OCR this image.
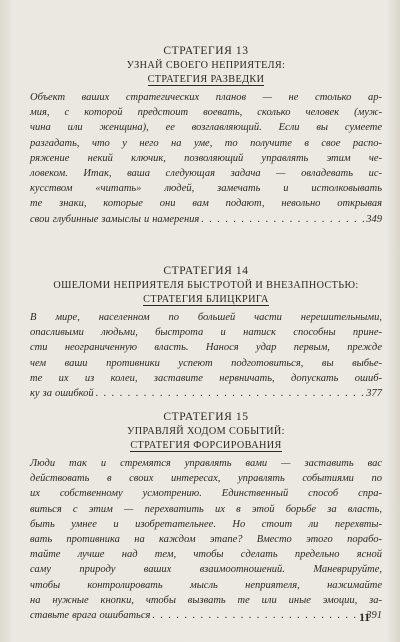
СТРАТЕГИЯ 13

УЗНАЙ СВОЕГО НЕПРИЯТЕЛЯ:

СТРАТЕГИЯ РАЗВЕДКИ

Объект ваших стратегических планов — не столько ар-
мия, с которой предстоит воевать, сколько человек (муж-
чина или женщина), ее возглавляющий. Если вы сумеете
разгадать, что у него на уме, то получите в свое распо-
ряжение некий ключик, позволяющий управлять этим че-
ловеком. Итак, ваша следующая задача — овладевать ис-
кусством «читать» людей, замечать и истолковывать
те знаки, которые они вам подают, невольно открывая
свои глубинные замыслы и намерения . . .	349

СТРАТЕГИЯ 14

ОШЕЛОМИ НЕПРИЯТЕЛЯ БЫСТРОТОЙ И ВНЕЗАПНОСТЬЮ:

СТРАТЕГИЯ БЛИЦКРИГА

В мире, населенном по большей части нерешительными,
опасливыми людьми, быстрота и натиск способны прине-
сти неограниченную власть. Нанося удар первым, прежде
чем ваши противники успеют подготовиться, вы выбье-
те их из колеи, заставите нервничать, допускать ошиб-
ку за ошибкой . . .	377

СТРАТЕГИЯ 15

УПРАВЛЯЙ ХОДОМ СОБЫТИЙ:

СТРАТЕГИЯ ФОРСИРОВАНИЯ

Люди так и стремятся управлять вами — заставить вас
действовать в своих интересах, управлять событиями по
их собственному усмотрению. Единственный способ спра-
виться с этим — перехватить их в этой борьбе за власть,
быть умнее и изобретательнее. Но стоит ли перехвты-
вать противника на каждом этапе? Вместо этого порабо-
тайте лучше над тем, чтобы сделать предельно ясной
саму природу ваших взаимоотношений. Маневрируйте,
чтобы контролировать мысль неприятеля, нажимайте
на нужные кнопки, чтобы вызвать те или иные эмоции, за-
ставьте врага ошибаться . . .	391
11
